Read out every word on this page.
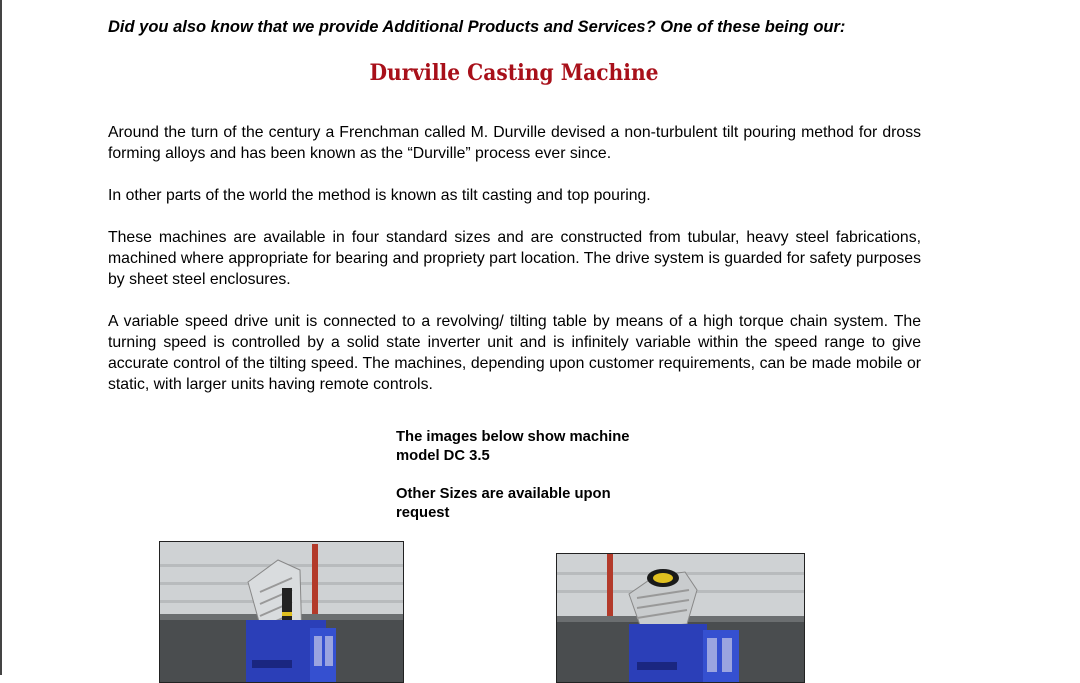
Did you also know that we provide Additional Products and Services? One of these being our:
Durville Casting Machine

Around the turn of the century a Frenchman called M. Durville devised a non-turbulent tilt pouring method for dross forming alloys and has been known as the “Durville” process ever since.

In other parts of the world the method is known as tilt casting and top pouring.

These machines are available in four standard sizes and are constructed from tubular, heavy steel fabrications, machined where appropriate for bearing and propriety part location. The drive system is guarded for safety purposes by sheet steel enclosures.

A variable speed drive unit is connected to a revolving/ tilting table by means of a high torque chain system. The turning speed is controlled by a solid state inverter unit and is infinitely variable within the speed range to give accurate control of the tilting speed. The machines, depending upon customer requirements, can be made mobile or static, with larger units having remote controls.

The images below show machine model DC 3.5

Other Sizes are available upon request
